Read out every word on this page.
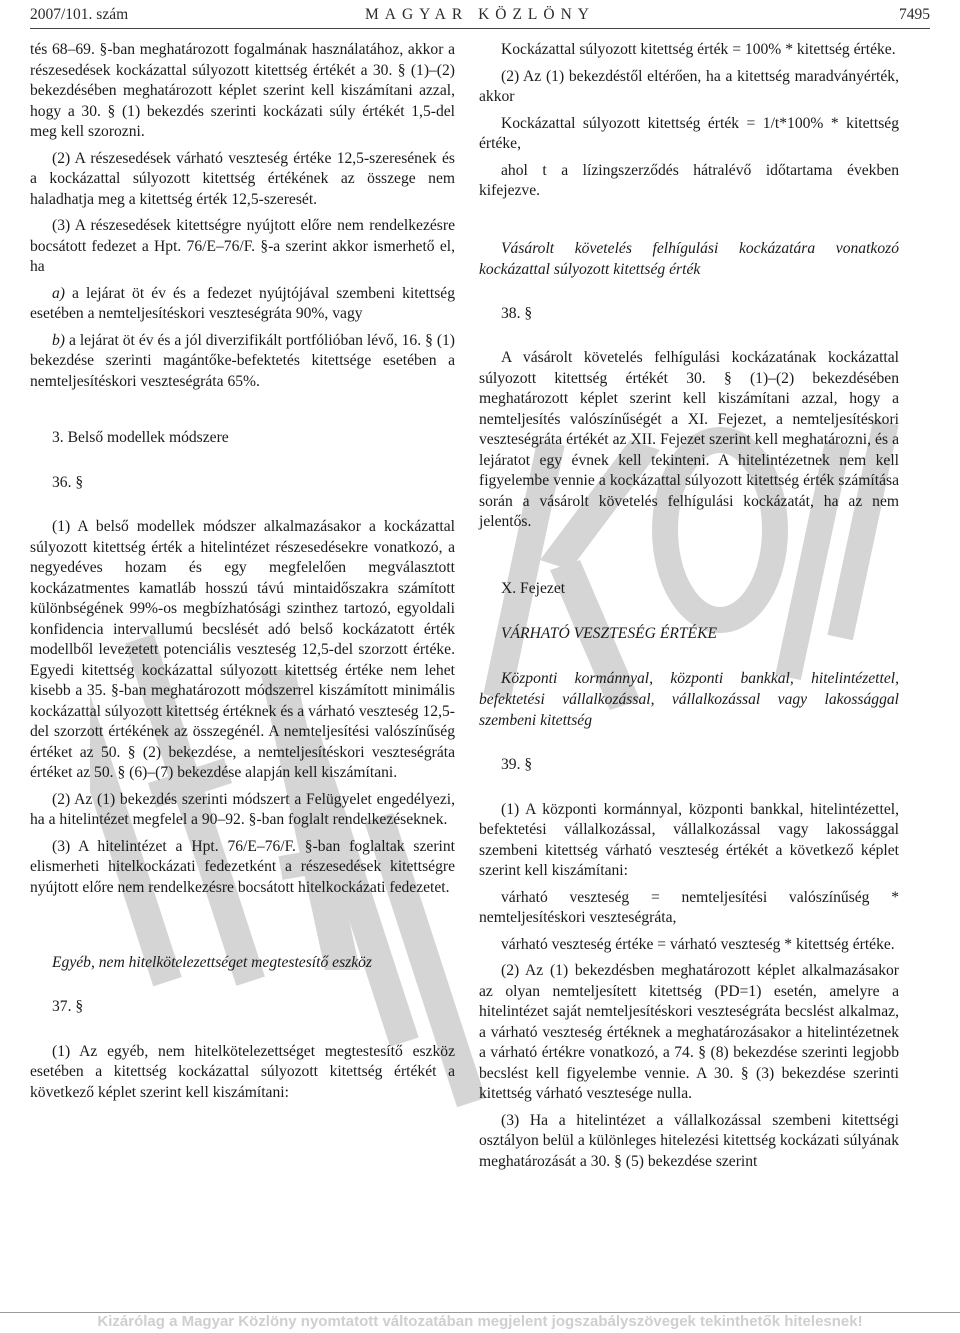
2007/101. szám	MAGYAR KÖZLÖNY	7495

tés 68–69. §-ban meghatározott fogalmának használatához, akkor a részesedések kockázattal súlyozott kitettség értékét a 30. § (1)–(2) bekezdésében meghatározott képlet szerint kell kiszámítani azzal, hogy a 30. § (1) bekezdés szerinti kockázati súly értékét 1,5-del meg kell szorozni.

(2) A részesedések várható veszteség értéke 12,5-szeresének és a kockázattal súlyozott kitettség értékének az összege nem haladhatja meg a kitettség érték 12,5-szeresét.

(3) A részesedések kitettségre nyújtott előre nem rendelkezésre bocsátott fedezet a Hpt. 76/E–76/F. §-a szerint akkor ismerhető el, ha

a) a lejárat öt év és a fedezet nyújtójával szembeni kitettség esetében a nemteljesítéskori veszteségráta 90%, vagy

b) a lejárat öt év és a jól diverzifikált portfólióban lévő, 16. § (1) bekezdése szerinti magántőke-befektetés kitettsége esetében a nemteljesítéskori veszteségráta 65%.

3. Belső modellek módszere

36. §

(1) A belső modellek módszer alkalmazásakor a kockázattal súlyozott kitettség érték a hitelintézet részesedésekre vonatkozó, a negyedéves hozam és egy megfelelően megválasztott kockázatmentes kamatláb hosszú távú mintaidőszakra számított különbségének 99%-os megbízhatósági szinthez tartozó, egyoldali konfidencia intervallumú becslését adó belső kockázatott érték modellből levezetett potenciális veszteség 12,5-del szorzott értéke. Egyedi kitettség kockázattal súlyozott kitettség értéke nem lehet kisebb a 35. §-ban meghatározott módszerrel kiszámított minimális kockázattal súlyozott kitettség értéknek és a várható veszteség 12,5-del szorzott értékének az összegénél. A nemteljesítési valószínűség értéket az 50. § (2) bekezdése, a nemteljesítéskori veszteségráta értéket az 50. § (6)–(7) bekezdése alapján kell kiszámítani.

(2) Az (1) bekezdés szerinti módszert a Felügyelet engedélyezi, ha a hitelintézet megfelel a 90–92. §-ban foglalt rendelkezéseknek.

(3) A hitelintézet a Hpt. 76/E–76/F. §-ban foglaltak szerint elismerheti hitelkockázati fedezetként a részesedések kitettségre nyújtott előre nem rendelkezésre bocsátott hitelkockázati fedezetet.

Egyéb, nem hitelkötelezettséget megtestesítő eszköz

37. §

(1) Az egyéb, nem hitelkötelezettséget megtestesítő eszköz esetében a kitettség kockázattal súlyozott kitettség értékét a következő képlet szerint kell kiszámítani:

Kockázattal súlyozott kitettség érték = 100% * kitettség értéke.

(2) Az (1) bekezdéstől eltérően, ha a kitettség maradványérték, akkor

Kockázattal súlyozott kitettség érték = 1/t*100% * kitettség értéke,

ahol t a lízingszerződés hátralévő időtartama években kifejezve.

Vásárolt követelés felhígulási kockázatára vonatkozó kockázattal súlyozott kitettség érték

38. §

A vásárolt követelés felhígulási kockázatának kockázattal súlyozott kitettség értékét 30. § (1)–(2) bekezdésében meghatározott képlet szerint kell kiszámítani azzal, hogy a nemteljesítés valószínűségét a XI. Fejezet, a nemteljesítéskori veszteségráta értékét az XII. Fejezet szerint kell meghatározni, és a lejáratot egy évnek kell tekinteni. A hitelintézetnek nem kell figyelembe vennie a kockázattal súlyozott kitettség érték számítása során a vásárolt követelés felhígulási kockázatát, ha az nem jelentős.

X. Fejezet

VÁRHATÓ VESZTESÉG ÉRTÉKE

Központi kormánnyal, központi bankkal, hitelintézettel, befektetési vállalkozással, vállalkozással vagy lakossággal szembeni kitettség

39. §

(1) A központi kormánnyal, központi bankkal, hitelintézettel, befektetési vállalkozással, vállalkozással vagy lakossággal szembeni kitettség várható veszteség értékét a következő képlet szerint kell kiszámítani:

várható veszteség = nemteljesítési valószínűség * nemteljesítéskori veszteségráta,

várható veszteség értéke = várható veszteség * kitettség értéke.

(2) Az (1) bekezdésben meghatározott képlet alkalmazásakor az olyan nemteljesített kitettség (PD=1) esetén, amelyre a hitelintézet saját nemteljesítéskori veszteségráta becslést alkalmaz, a várható veszteség értéknek a meghatározásakor a hitelintézetnek a várható értékre vonatkozó, a 74. § (8) bekezdése szerinti legjobb becslést kell figyelembe vennie. A 30. § (3) bekezdése szerinti kitettség várható vesztesége nulla.

(3) Ha a hitelintézet a vállalkozással szembeni kitettségi osztályon belül a különleges hitelezési kitettség kockázati súlyának meghatározását a 30. § (5) bekezdése szerint

Kizárólag a Magyar Közlöny nyomtatott változatában megjelent jogszabályszövegek tekinthetők hitelesnek!
